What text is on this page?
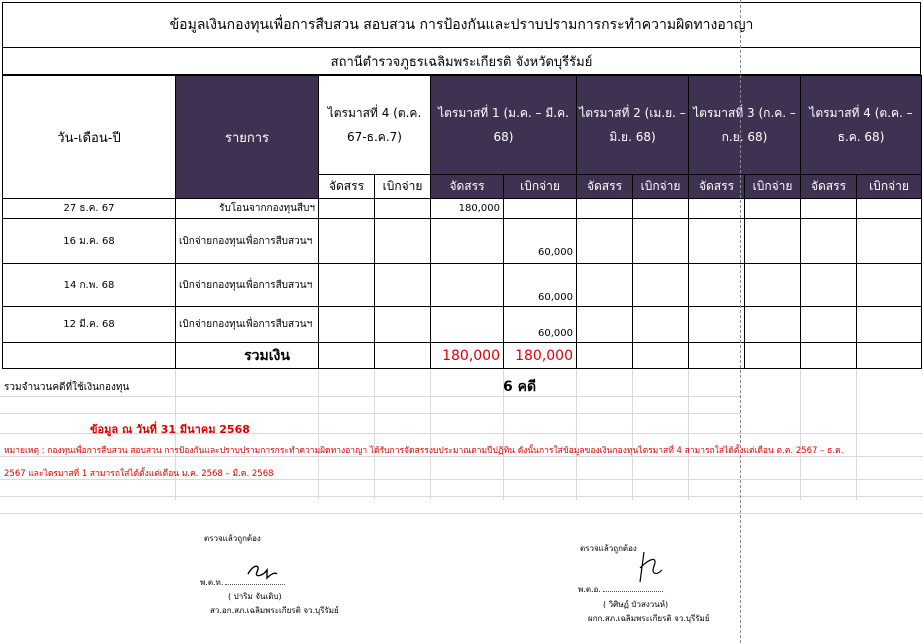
ข้อมูลเงินกองทุนเพื่อการสืบสวน สอบสวน การป้องกันและปราบปรามการกระทำความผิดทางอาญา
สถานีตำรวจภูธรเฉลิมพระเกียรติ จังหวัดบุรีรัมย์
วัน-เดือน-ปี	รายการ	ไตรมาสที่ 4 (ต.ค. 67-ธ.ค.7)		ไตรมาสที่ 1 (ม.ค. – มี.ค. 68)		ไตรมาสที่ 2 (เม.ย. – มิ.ย. 68)		ไตรมาสที่ 3 (ก.ค. – ก.ย. 68)		ไตรมาสที่ 4 (ต.ค. – ธ.ค. 68)	
		จัดสรร	เบิกจ่าย	จัดสรร	เบิกจ่าย	จัดสรร	เบิกจ่าย	จัดสรร	เบิกจ่าย	จัดสรร	เบิกจ่าย
27 ธ.ค. 67	รับโอนจากกองทุนสืบฯ			180,000							
16 ม.ค. 68	เบิกจ่ายกองทุนเพื่อการสืบสวนฯ				60,000						
14 ก.พ. 68	เบิกจ่ายกองทุนเพื่อการสืบสวนฯ				60,000						
12 มี.ค. 68	เบิกจ่ายกองทุนเพื่อการสืบสวนฯ				60,000						
	รวมเงิน			180,000	180,000						
รวมจำนวนคดีที่ใช้เงินกองทุน	6 คดี
ข้อมูล ณ วันที่ 31 มีนาคม 2568
หมายเหตุ : กองทุนเพื่อการสืบสวน สอบสวน การป้องกันและปราบปรามการกระทำความผิดทางอาญา ได้รับการจัดสรรงบประมาณตามปีปฏิทิน ดังนั้นการใส่ข้อมูลของเงินกองทุนไตรมาสที่ 4 สามารถใส่ได้ตั้งแต่เดือน ต.ค. 2567 – ธ.ค. 2567 และไตรมาสที่ 1 สามารถใส่ได้ตั้งแต่เดือน ม.ค. 2568 – มี.ค. 2568
ตรวจแล้วถูกต้อง
พ.ต.ท.
( ปาริม จันเดิบ)
สว.อก.สภ.เฉลิมพระเกียรติ จว.บุรีรัมย์
ตรวจแล้วถูกต้อง
พ.ต.อ.
( วิศิษฏ์ บัวสงวนห์)
ผกก.สภ.เฉลิมพระเกียรติ จว.บุรีรัมย์
